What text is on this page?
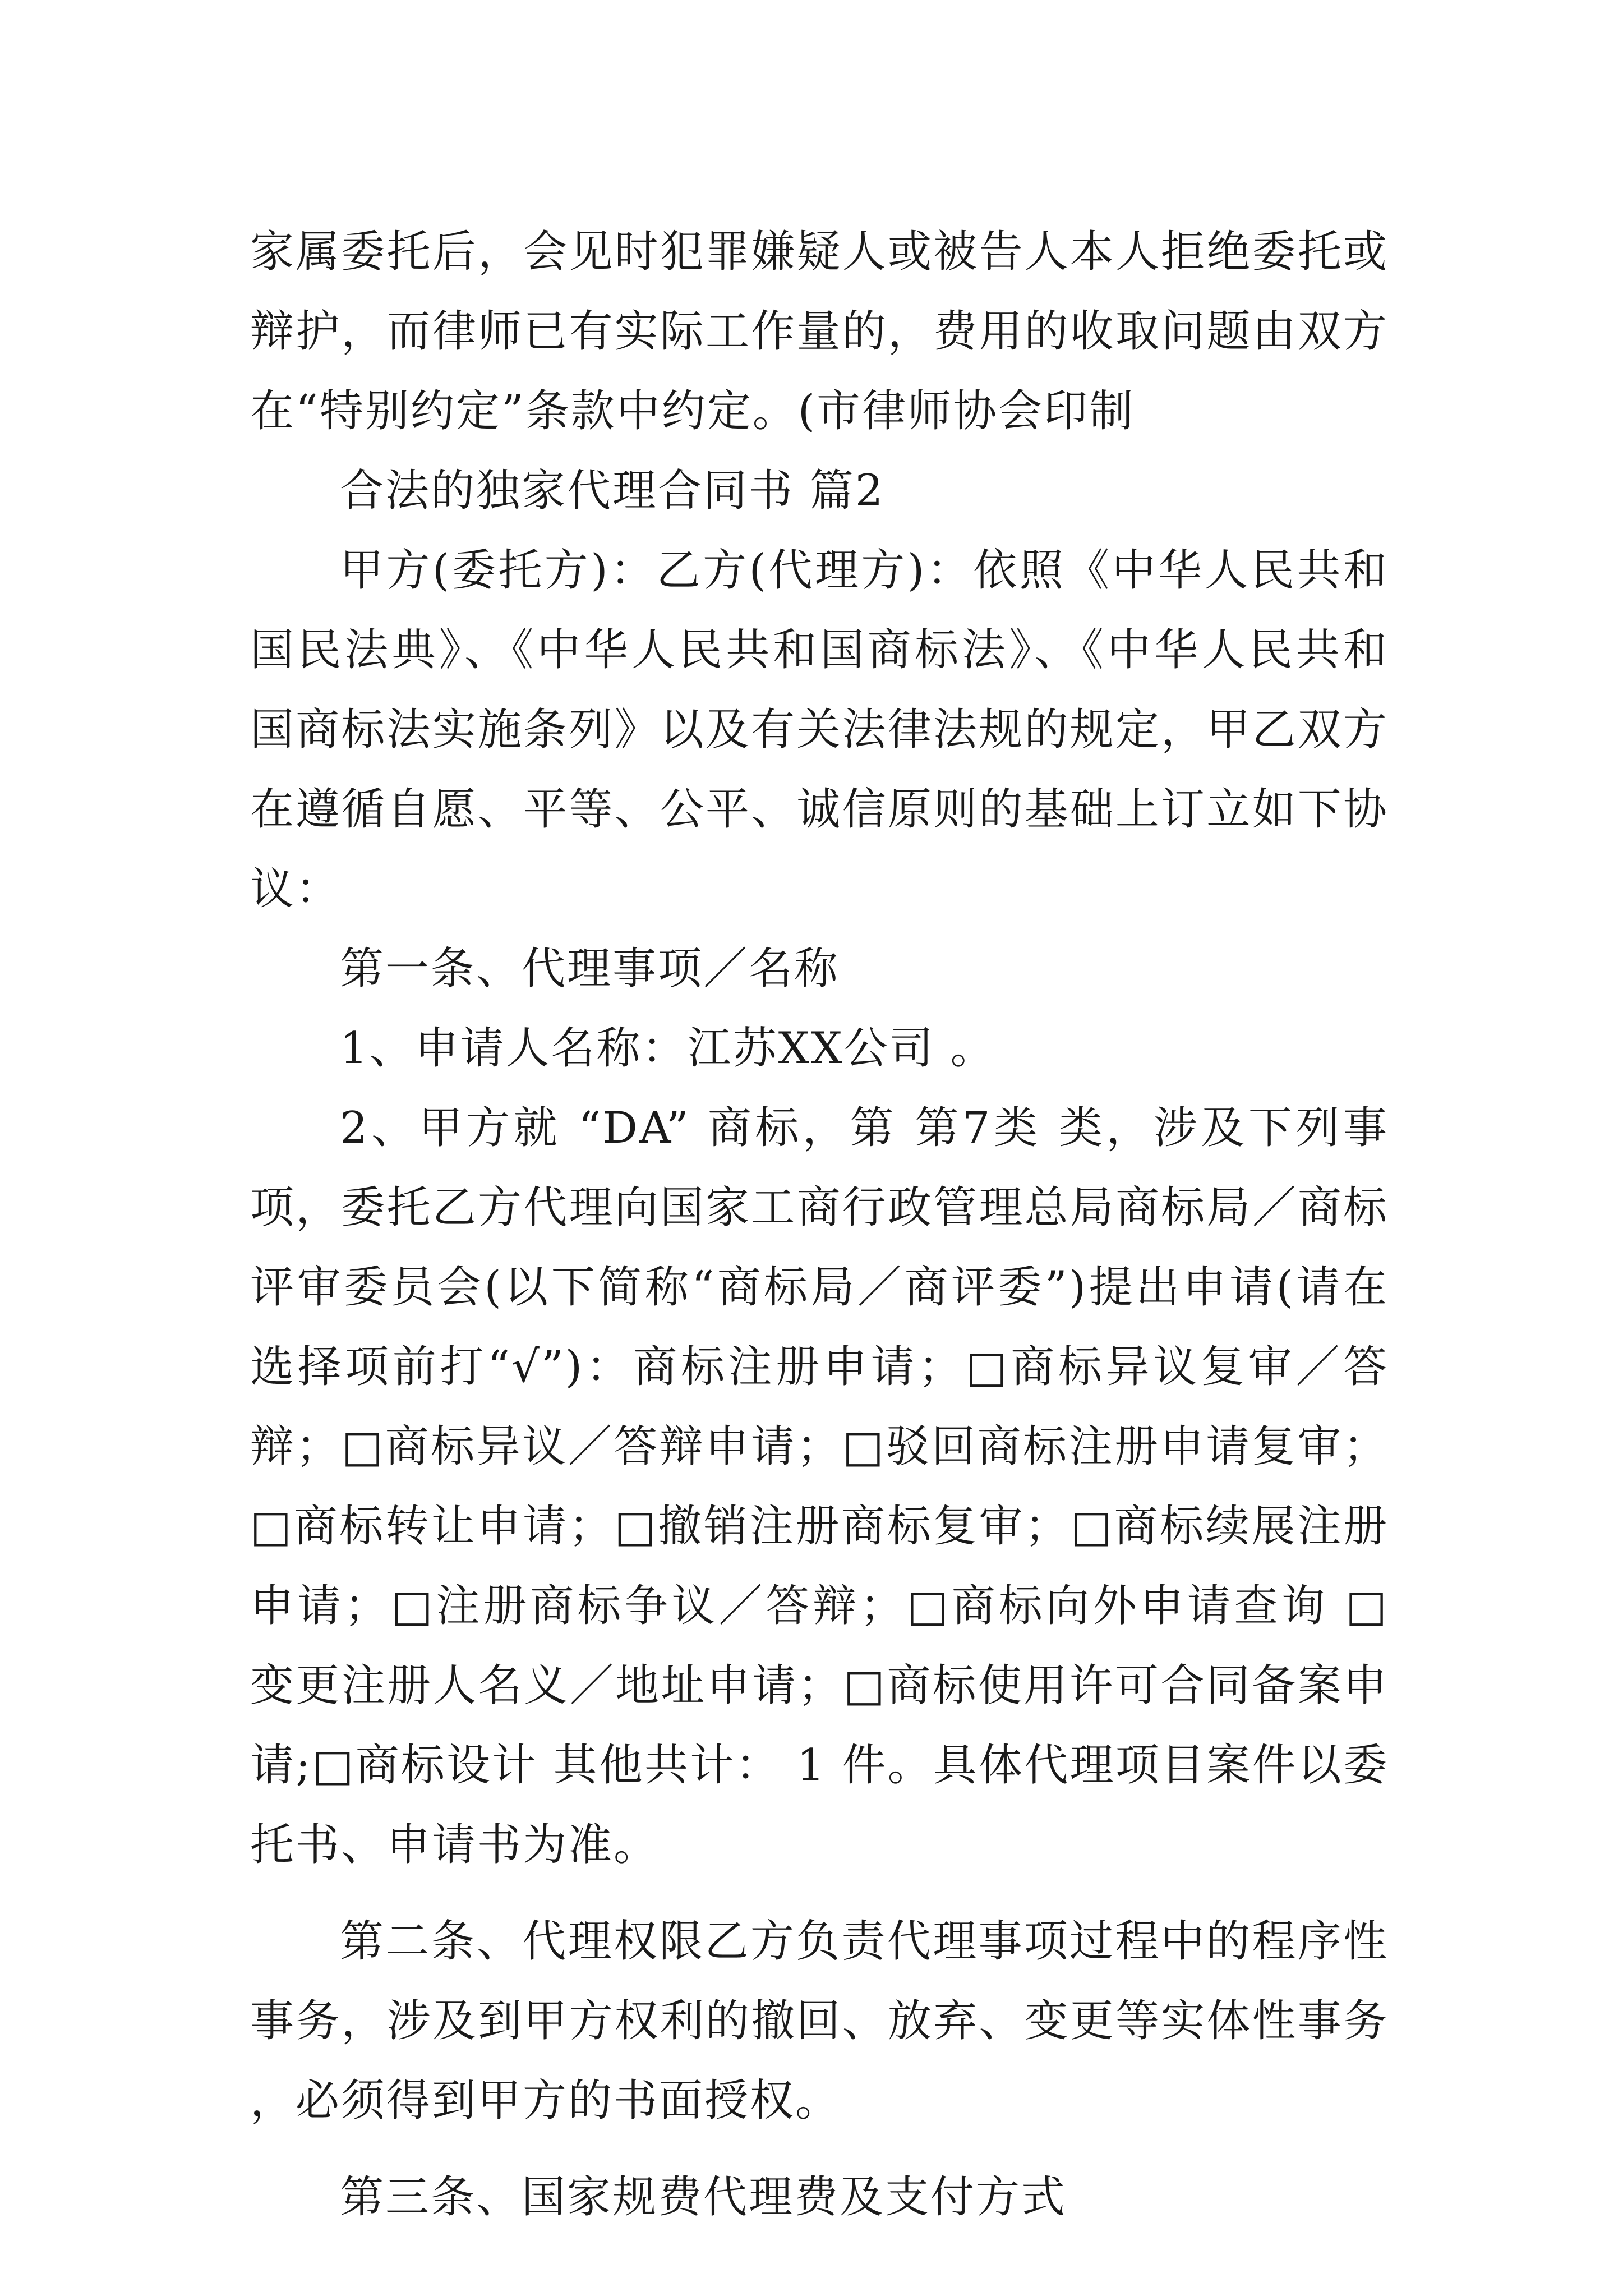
家属委托后，会见时犯罪嫌疑人或被告人本人拒绝委托或辩护，而律师已有实际工作量的，费用的收取问题由双方在“特别约定”条款中约定。(市律师协会印制

合法的独家代理合同书 篇2

甲方(委托方)：乙方(代理方)：依照《中华人民共和国民法典》、《中华人民共和国商标法》、《中华人民共和国商标法实施条列》以及有关法律法规的规定，甲乙双方在遵循自愿、平等、公平、诚信原则的基础上订立如下协议：

第一条、代理事项／名称

1、申请人名称：江苏XX公司 。

2、甲方就 “DA” 商标，第 第7类 类，涉及下列事项，委托乙方代理向国家工商行政管理总局商标局／商标评审委员会(以下简称“商标局／商评委”)提出申请(请在选择项前打“√”)：商标注册申请；□商标异议复审／答辩；□商标异议／答辩申请；□驳回商标注册申请复审；□商标转让申请；□撤销注册商标复审；□商标续展注册申请；□注册商标争议／答辩；□商标向外申请查询 □变更注册人名义／地址申请；□商标使用许可合同备案申请;□商标设计 其他共计： 1 件。具体代理项目案件以委托书、申请书为准。

第二条、代理权限乙方负责代理事项过程中的程序性事务，涉及到甲方权利的撤回、放弃、变更等实体性事务，必须得到甲方的书面授权。

第三条、国家规费代理费及支付方式
